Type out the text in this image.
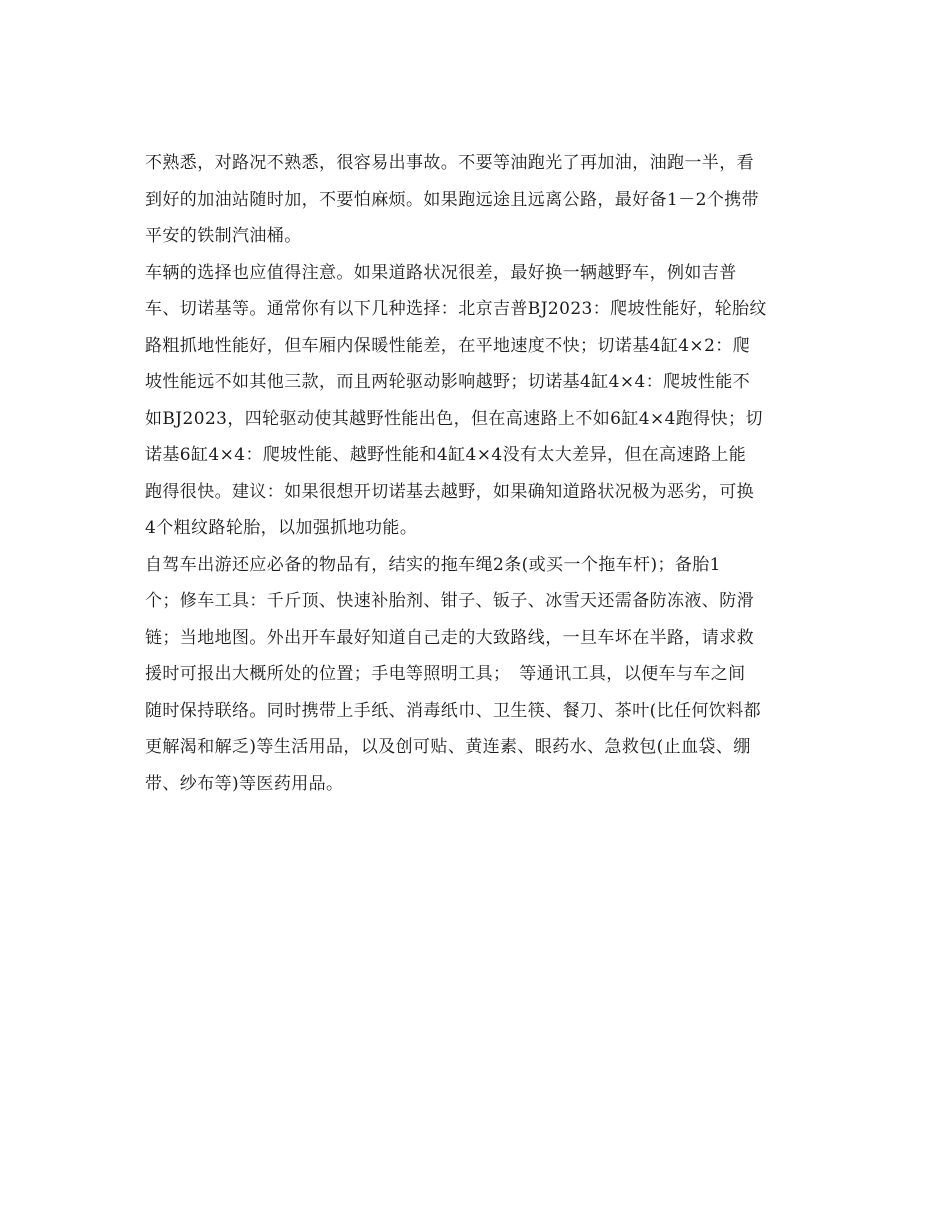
不熟悉，对路况不熟悉，很容易出事故。不要等油跑光了再加油，油跑一半，看
到好的加油站随时加，不要怕麻烦。如果跑远途且远离公路，最好备1－2个携带
平安的铁制汽油桶。
车辆的选择也应值得注意。如果道路状况很差，最好换一辆越野车，例如吉普
车、切诺基等。通常你有以下几种选择：北京吉普BJ2023：爬坡性能好，轮胎纹
路粗抓地性能好，但车厢内保暖性能差，在平地速度不快；切诺基4缸4×2：爬
坡性能远不如其他三款，而且两轮驱动影响越野；切诺基4缸4×4：爬坡性能不
如BJ2023，四轮驱动使其越野性能出色，但在高速路上不如6缸4×4跑得快；切
诺基6缸4×4：爬坡性能、越野性能和4缸4×4没有太大差异，但在高速路上能
跑得很快。建议：如果很想开切诺基去越野，如果确知道路状况极为恶劣，可换
4个粗纹路轮胎，以加强抓地功能。
自驾车出游还应必备的物品有，结实的拖车绳2条(或买一个拖车杆)；备胎1
个；修车工具：千斤顶、快速补胎剂、钳子、钣子、冰雪天还需备防冻液、防滑
链；当地地图。外出开车最好知道自己走的大致路线，一旦车坏在半路，请求救
援时可报出大概所处的位置；手电等照明工具；　等通讯工具，以便车与车之间
随时保持联络。同时携带上手纸、消毒纸巾、卫生筷、餐刀、茶叶(比任何饮料都
更解渴和解乏)等生活用品，以及创可贴、黄连素、眼药水、急救包(止血袋、绷
带、纱布等)等医药用品。
